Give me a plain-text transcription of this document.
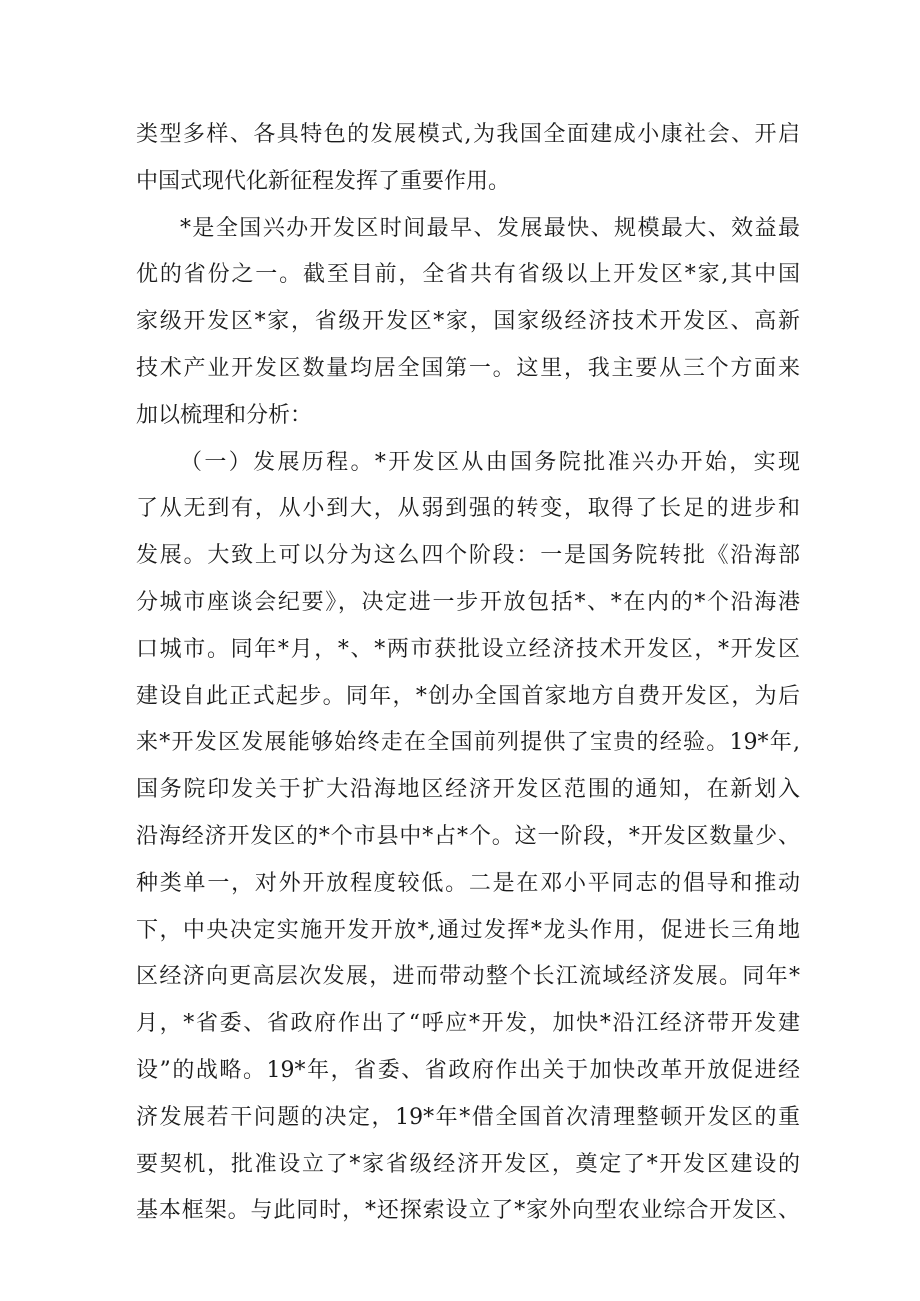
类型多样、各具特色的发展模式,为我国全面建成小康社会、开启
中国式现代化新征程发挥了重要作用。
*是全国兴办开发区时间最早、发展最快、规模最大、效益最
优的省份之一。截至目前，全省共有省级以上开发区*家,其中国
家级开发区*家，省级开发区*家，国家级经济技术开发区、高新
技术产业开发区数量均居全国第一。这里，我主要从三个方面来
加以梳理和分析：
（一）发展历程。*开发区从由国务院批准兴办开始，实现
了从无到有，从小到大，从弱到强的转变，取得了长足的进步和
发展。大致上可以分为这么四个阶段：一是国务院转批《沿海部
分城市座谈会纪要》，决定进一步开放包括*、*在内的*个沿海港
口城市。同年*月，*、*两市获批设立经济技术开发区，*开发区
建设自此正式起步。同年，*创办全国首家地方自费开发区，为后
来*开发区发展能够始终走在全国前列提供了宝贵的经验。19*年,
国务院印发关于扩大沿海地区经济开发区范围的通知，在新划入
沿海经济开发区的*个市县中*占*个。这一阶段，*开发区数量少、
种类单一，对外开放程度较低。二是在邓小平同志的倡导和推动
下，中央决定实施开发开放*,通过发挥*龙头作用，促进长三角地
区经济向更高层次发展，进而带动整个长江流域经济发展。同年*
月，*省委、省政府作出了“呼应*开发，加快*沿江经济带开发建
设”的战略。19*年，省委、省政府作出关于加快改革开放促进经
济发展若干问题的决定，19*年*借全国首次清理整顿开发区的重
要契机，批准设立了*家省级经济开发区，奠定了*开发区建设的
基本框架。与此同时，*还探索设立了*家外向型农业综合开发区、
